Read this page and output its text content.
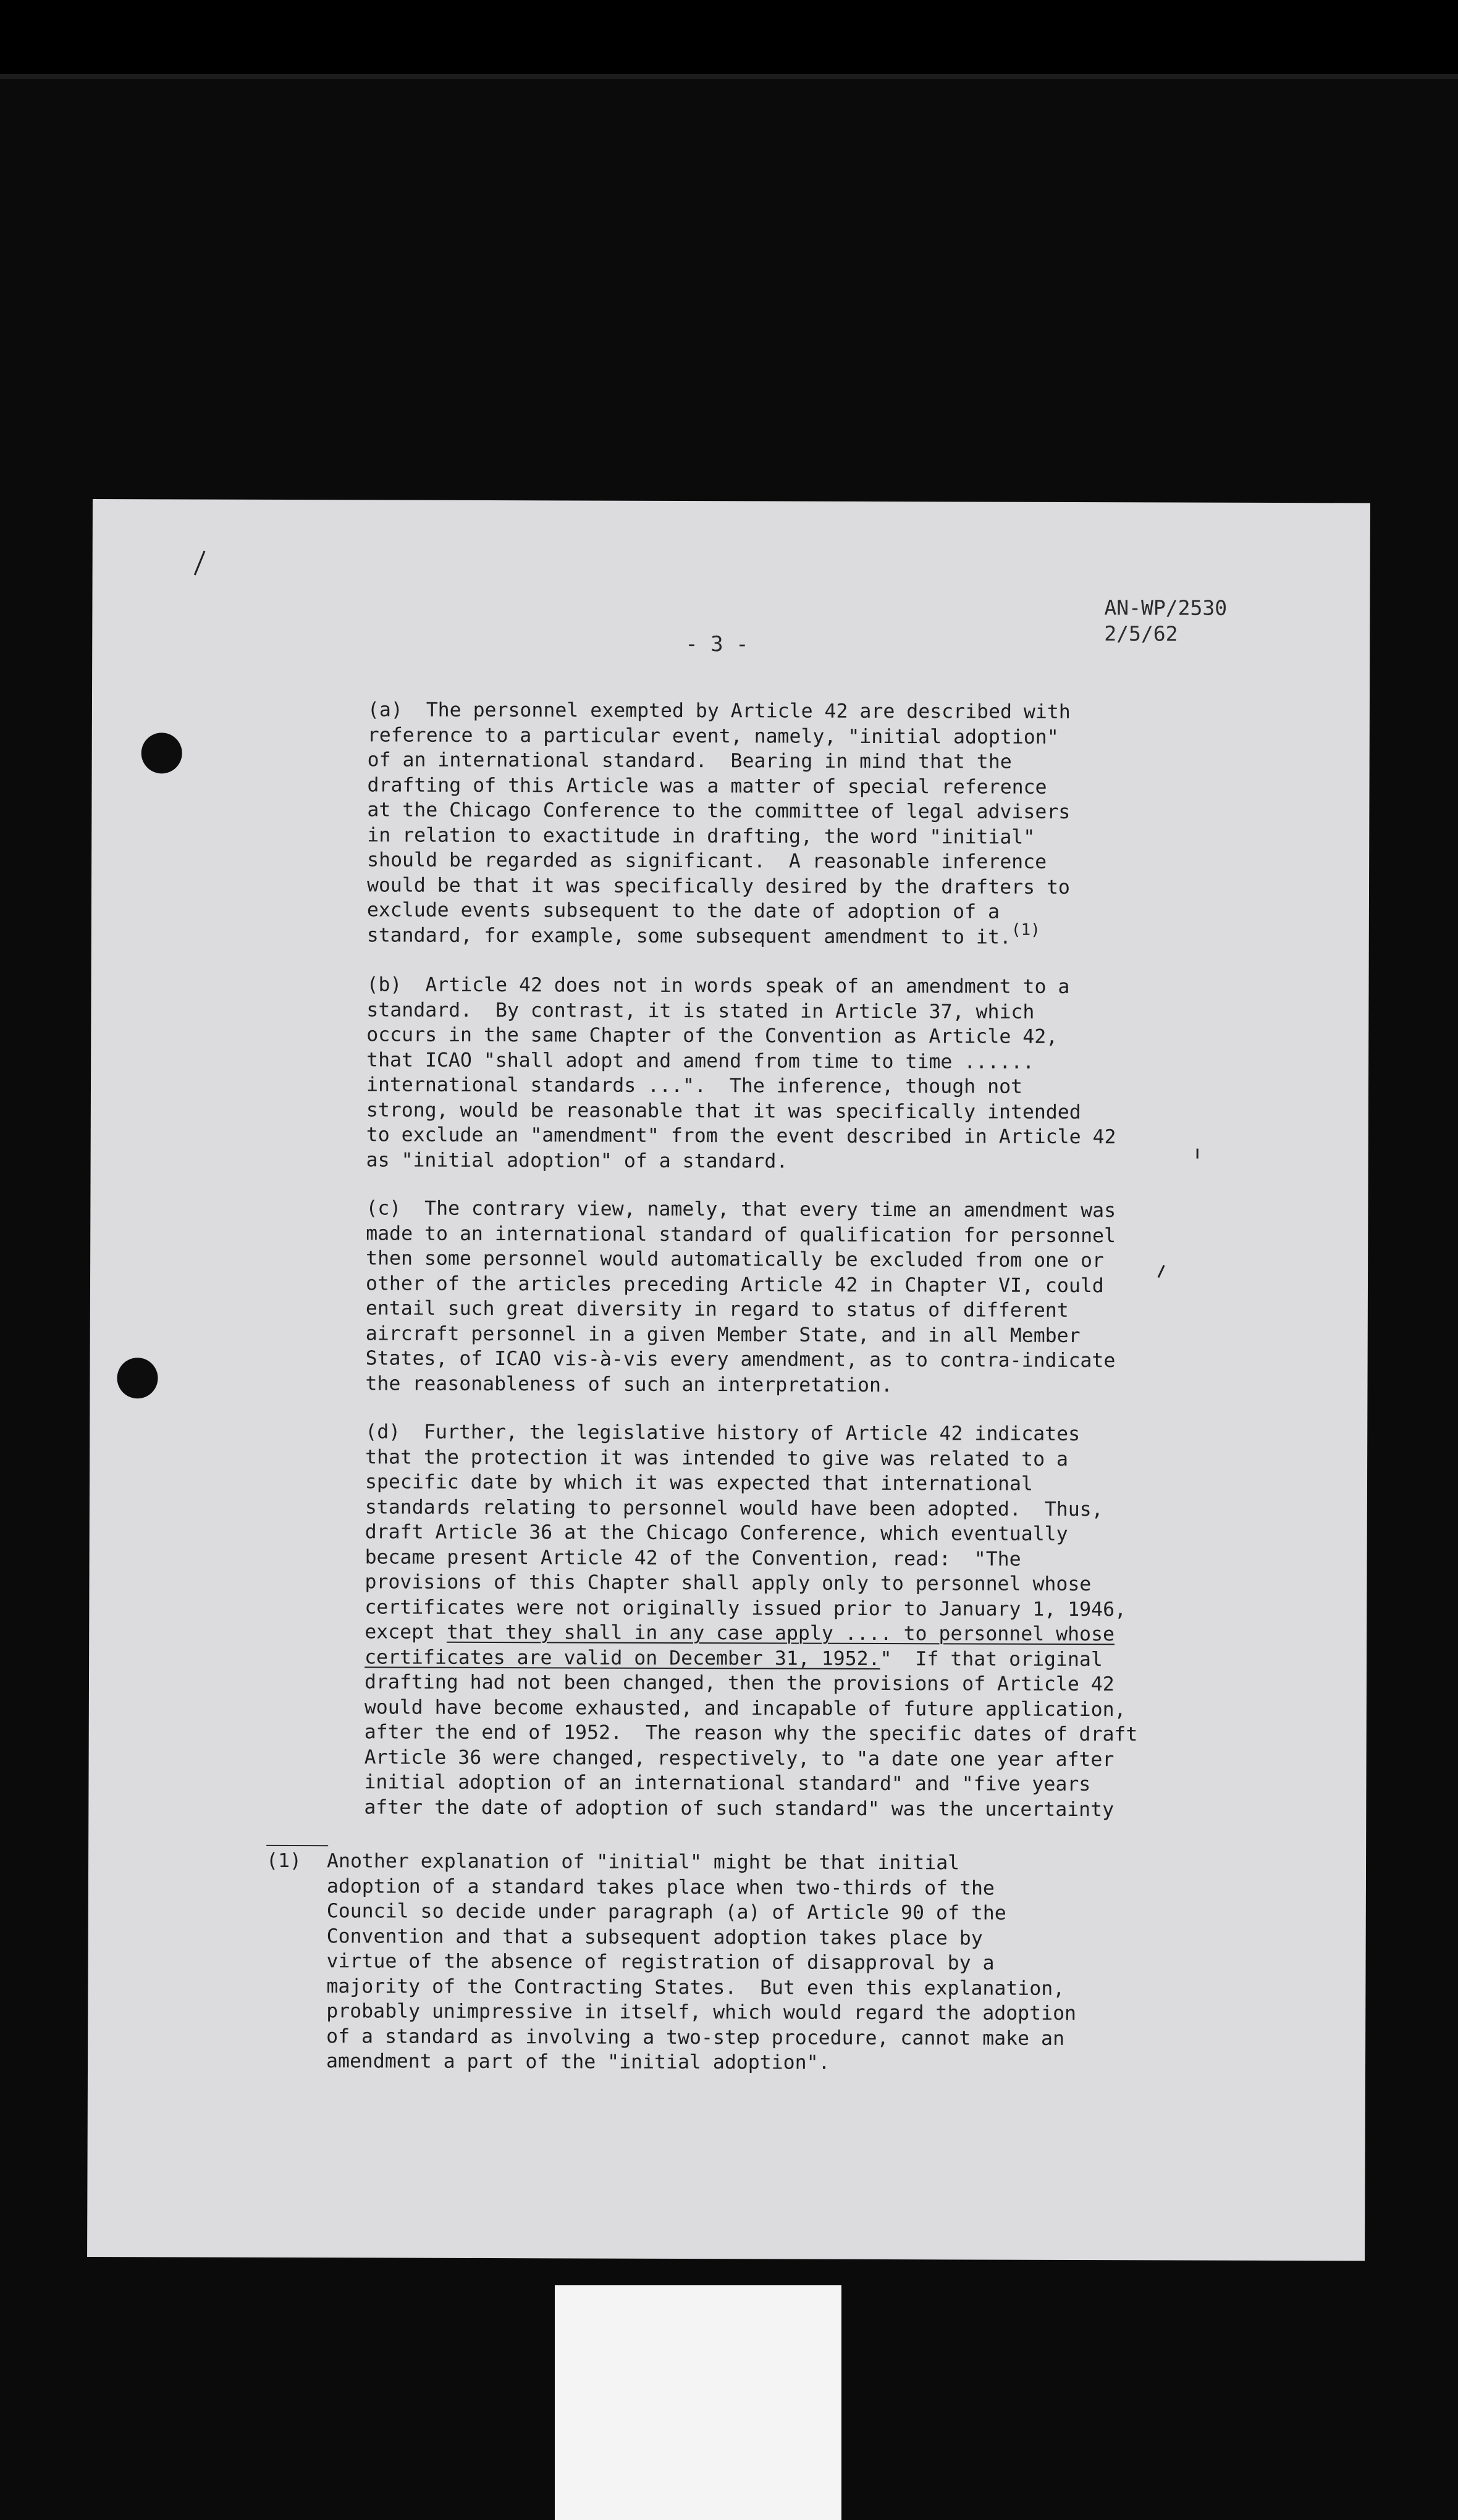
AN-WP/2530
2/5/62
- 3 -
(a)  The personnel exempted by Article 42 are described with
reference to a particular event, namely, "initial adoption"
of an international standard.  Bearing in mind that the
drafting of this Article was a matter of special reference
at the Chicago Conference to the committee of legal advisers
in relation to exactitude in drafting, the word "initial"
should be regarded as significant.  A reasonable inference
would be that it was specifically desired by the drafters to
exclude events subsequent to the date of adoption of a
standard, for example, some subsequent amendment to it.$^{(1)}$
(b)  Article 42 does not in words speak of an amendment to a
standard.  By contrast, it is stated in Article 37, which
occurs in the same Chapter of the Convention as Article 42,
that ICAO "shall adopt and amend from time to time ......
international standards ...".  The inference, though not
strong, would be reasonable that it was specifically intended
to exclude an "amendment" from the event described in Article 42
as "initial adoption" of a standard.
(c)  The contrary view, namely, that every time an amendment was
made to an international standard of qualification for personnel
then some personnel would automatically be excluded from one or
other of the articles preceding Article 42 in Chapter VI, could
entail such great diversity in regard to status of different
aircraft personnel in a given Member State, and in all Member
States, of ICAO vis-à-vis every amendment, as to contra-indicate
the reasonableness of such an interpretation.
(d)  Further, the legislative history of Article 42 indicates
that the protection it was intended to give was related to a
specific date by which it was expected that international
standards relating to personnel would have been adopted.  Thus,
draft Article 36 at the Chicago Conference, which eventually
became present Article 42 of the Convention, read:  "The
provisions of this Chapter shall apply only to personnel whose
certificates were not originally issued prior to January 1, 1946,
except that they shall in any case apply .... to personnel whose
certificates are valid on December 31, 1952."  If that original
drafting had not been changed, then the provisions of Article 42
would have become exhausted, and incapable of future application,
after the end of 1952.  The reason why the specific dates of draft
Article 36 were changed, respectively, to "a date one year after
initial adoption of an international standard" and "five years
after the date of adoption of such standard" was the uncertainty
(1) Another explanation of "initial" might be that initial
adoption of a standard takes place when two-thirds of the
Council so decide under paragraph (a) of Article 90 of the
Convention and that a subsequent adoption takes place by
virtue of the absence of registration of disapproval by a
majority of the Contracting States.  But even this explanation,
probably unimpressive in itself, which would regard the adoption
of a standard as involving a two-step procedure, cannot make an
amendment a part of the "initial adoption".
